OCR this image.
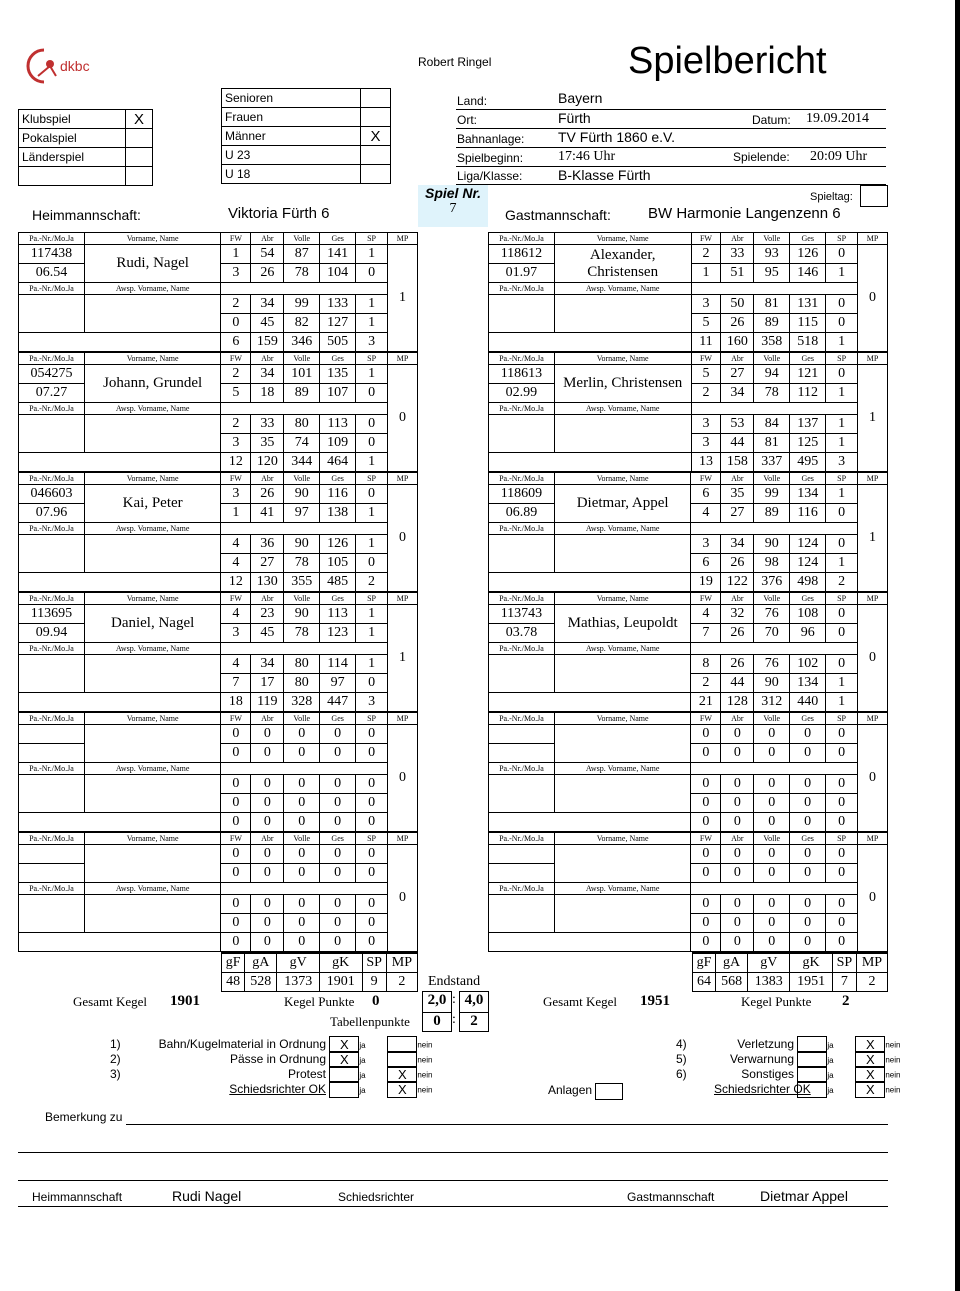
dkbc	Robert Ringel	Spielbericht
Klubspiel	X
Pokalspiel	
Länderspiel	

Senioren	
Frauen	
Männer	X
U 23	
U 18	
Land:	Bayern
Ort:	Fürth	Datum: 19.09.2014
Bahnanlage: TV Fürth 1860 e.V.
Spielbeginn: 17:46 Uhr	Spielende: 20:09 Uhr
Liga/Klasse:	B-Klasse Fürth
Spieltag:
Spiel Nr.
7
Heimmannschaft:	Viktoria Fürth 6	Gastmannschaft: BW Harmonie Langenzenn 6
Pa.-Nr./Mo.Ja	Vorname, Name	FW	Abr	Volle	Ges	SP	MP
117438	Rudi, Nagel	1	54	87	141	1	1
06.54		3	26	78	104	0	
Pa.-Nr./Mo.Ja	Awsp. Vorname, Name						
		2	34	99	133	1	
		0	45	82	127	1	
		6	159	346	505	3	
Pa.-Nr./Mo.Ja	Vorname, Name	FW	Abr	Volle	Ges	SP	MP
054275	Johann, Grundel	2	34	101	135	1	0
07.27		5	18	89	107	0	
Pa.-Nr./Mo.Ja	Awsp. Vorname, Name						
		2	33	80	113	0	
		3	35	74	109	0	
		12	120	344	464	1	
Pa.-Nr./Mo.Ja	Vorname, Name	FW	Abr	Volle	Ges	SP	MP
046603	Kai, Peter	3	26	90	116	0	0
07.96		1	41	97	138	1	
Pa.-Nr./Mo.Ja	Awsp. Vorname, Name						
		4	36	90	126	1	
		4	27	78	105	0	
		12	130	355	485	2	
Pa.-Nr./Mo.Ja	Vorname, Name	FW	Abr	Volle	Ges	SP	MP
113695	Daniel, Nagel	4	23	90	113	1	1
09.94		3	45	78	123	1	
Pa.-Nr./Mo.Ja	Awsp. Vorname, Name						
		4	34	80	114	1	
		7	17	80	97	0	
		18	119	328	447	3	
Pa.-Nr./Mo.Ja	Vorname, Name	FW	Abr	Volle	Ges	SP	MP
		0	0	0	0	0	0
		0	0	0	0	0	
Pa.-Nr./Mo.Ja	Awsp. Vorname, Name						
		0	0	0	0	0	
		0	0	0	0	0	
		0	0	0	0	0	
Pa.-Nr./Mo.Ja	Vorname, Name	FW	Abr	Volle	Ges	SP	MP
		0	0	0	0	0	0
		0	0	0	0	0	
Pa.-Nr./Mo.Ja	Awsp. Vorname, Name						
		0	0	0	0	0	
		0	0	0	0	0	
		0	0	0	0	0	
Pa.-Nr./Mo.Ja	Vorname, Name	FW	Abr	Volle	Ges	SP	MP
118612	Alexander, Christensen	2	33	93	126	0	0
01.97		1	51	95	146	1	
Pa.-Nr./Mo.Ja	Awsp. Vorname, Name						
		3	50	81	131	0	
		5	26	89	115	0	
		11	160	358	518	1	
Pa.-Nr./Mo.Ja	Vorname, Name	FW	Abr	Volle	Ges	SP	MP
118613	Merlin, Christensen	5	27	94	121	0	1
02.99		2	34	78	112	1	
Pa.-Nr./Mo.Ja	Awsp. Vorname, Name						
		3	53	84	137	1	
		3	44	81	125	1	
		13	158	337	495	3	
Pa.-Nr./Mo.Ja	Vorname, Name	FW	Abr	Volle	Ges	SP	MP
118609	Dietmar, Appel	6	35	99	134	1	1
06.89		4	27	89	116	0	
Pa.-Nr./Mo.Ja	Awsp. Vorname, Name						
		3	34	90	124	0	
		6	26	98	124	1	
		19	122	376	498	2	
Pa.-Nr./Mo.Ja	Vorname, Name	FW	Abr	Volle	Ges	SP	MP
113743	Mathias, Leupoldt	4	32	76	108	0	0
03.78		7	26	70	96	0	
Pa.-Nr./Mo.Ja	Awsp. Vorname, Name						
		8	26	76	102	0	
		2	44	90	134	1	
		21	128	312	440	1	
Pa.-Nr./Mo.Ja	Vorname, Name	FW	Abr	Volle	Ges	SP	MP
		0	0	0	0	0	0
		0	0	0	0	0	
Pa.-Nr./Mo.Ja	Awsp. Vorname, Name						
		0	0	0	0	0	
		0	0	0	0	0	
		0	0	0	0	0	
Pa.-Nr./Mo.Ja	Vorname, Name	FW	Abr	Volle	Ges	SP	MP
		0	0	0	0	0	0
		0	0	0	0	0	
Pa.-Nr./Mo.Ja	Awsp. Vorname, Name						
		0	0	0	0	0	
		0	0	0	0	0	
		0	0	0	0	0	
gF	gA	gV	gK	SP	MP
48	528	1373	1901	9	2
gF	gA	gV	gK	SP	MP
64	568	1383	1951	7	2
Endstand
Gesamt Kegel 1901	Kegel Punkte 0	2,0 : 4,0
Tabellenpunkte	0 : 2
Gesamt Kegel 1951	Kegel Punkte 2
1)	Bahn/Kugelmaterial in Ordnung X ja	nein
2)	Pässe in Ordnung X ja	nein
3)	Protest	ja X nein
Schiedsrichter OK	ja X nein
4)	Verletzung	ja X nein
5)	Verwarnung	ja X nein
6)	Sonstiges	ja X nein
Schiedsrichter OK ja X nein
Anlagen
Bemerkung zu
Heimmannschaft	Rudi Nagel	Schiedsrichter	Gastmannschaft	Dietmar Appel
